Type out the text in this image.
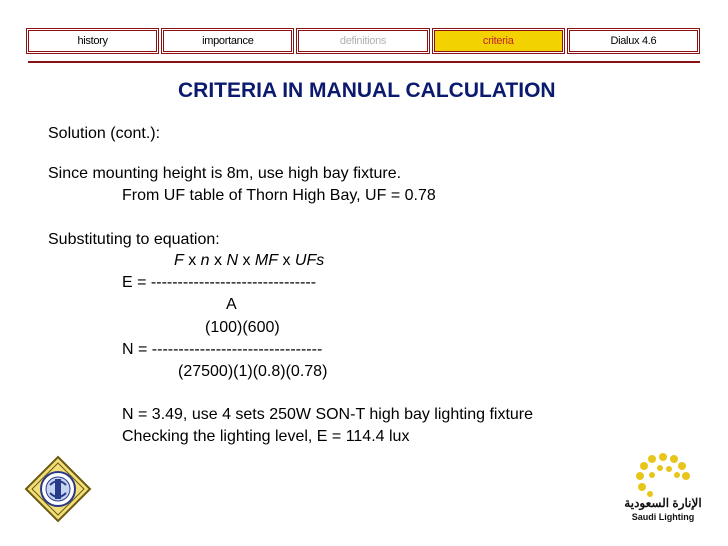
history	importance	definitions	criteria	Dialux 4.6
CRITERIA IN MANUAL CALCULATION
Solution (cont.):
Since mounting height is 8m, use high bay fixture.
From UF table of Thorn High Bay, UF = 0.78
Substituting to equation:
F x n x N x MF x UFs
E = -------------------------------
A
(100)(600)
N = --------------------------------
(27500)(1)(0.8)(0.78)
N = 3.49, use 4 sets 250W SON-T high bay lighting fixture
Checking the lighting level, E = 114.4 lux
الإنارة السعودية
Saudi Lighting
